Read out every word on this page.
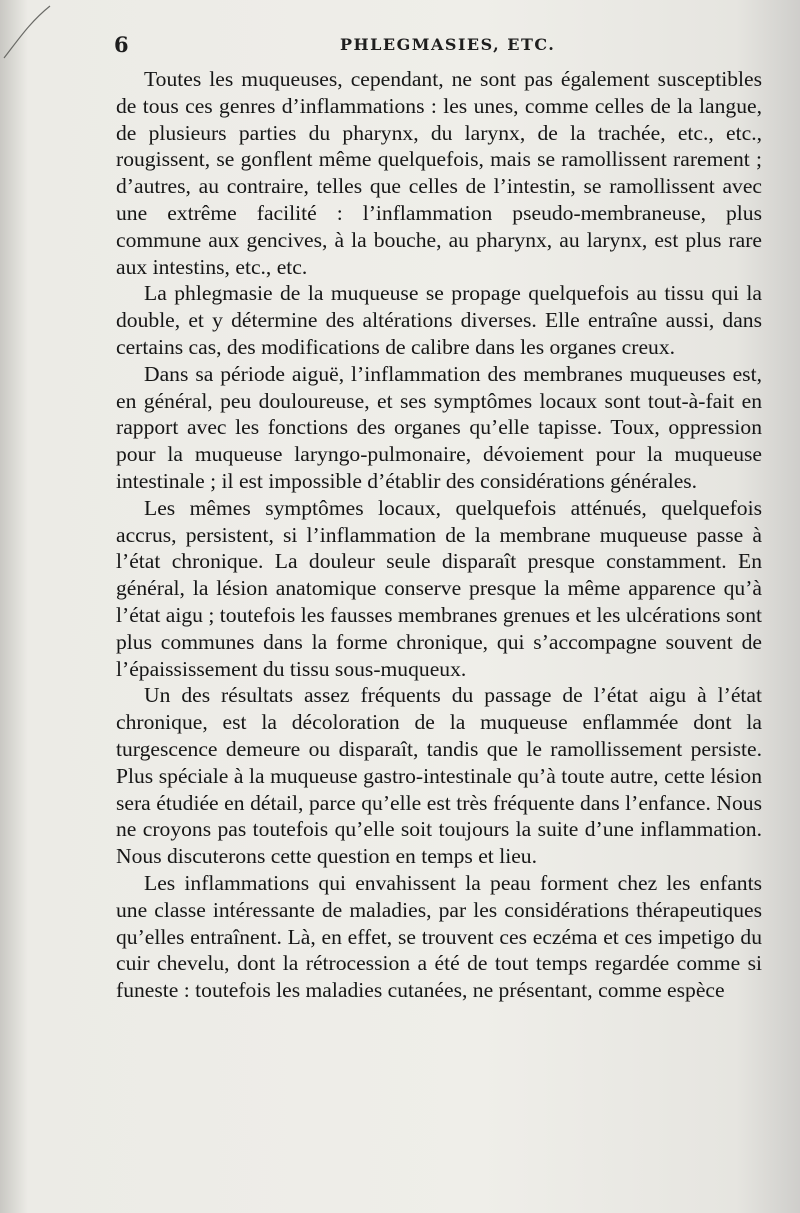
6	PHLEGMASIES, ETC.

Toutes les muqueuses, cependant, ne sont pas également susceptibles de tous ces genres d’inflammations : les unes, comme celles de la langue, de plusieurs parties du pharynx, du larynx, de la trachée, etc., etc., rougissent, se gonflent même quelquefois, mais se ramollissent rarement ; d’autres, au contraire, telles que celles de l’intestin, se ramollissent avec une extrême facilité : l’inflammation pseudo-membraneuse, plus commune aux gencives, à la bouche, au pharynx, au larynx, est plus rare aux intestins, etc., etc.

La phlegmasie de la muqueuse se propage quelquefois au tissu qui la double, et y détermine des altérations diverses. Elle entraîne aussi, dans certains cas, des modifications de calibre dans les organes creux.

Dans sa période aiguë, l’inflammation des membranes muqueuses est, en général, peu douloureuse, et ses symptômes locaux sont tout-à-fait en rapport avec les fonctions des organes qu’elle tapisse. Toux, oppression pour la muqueuse laryngo-pulmonaire, dévoiement pour la muqueuse intestinale ; il est impossible d’établir des considérations générales.

Les mêmes symptômes locaux, quelquefois atténués, quelquefois accrus, persistent, si l’inflammation de la membrane muqueuse passe à l’état chronique. La douleur seule disparaît presque constamment. En général, la lésion anatomique conserve presque la même apparence qu’à l’état aigu ; toutefois les fausses membranes grenues et les ulcérations sont plus communes dans la forme chronique, qui s’accompagne souvent de l’épaississement du tissu sous-muqueux.

Un des résultats assez fréquents du passage de l’état aigu à l’état chronique, est la décoloration de la muqueuse enflammée dont la turgescence demeure ou disparaît, tandis que le ramollissement persiste. Plus spéciale à la muqueuse gastro-intestinale qu’à toute autre, cette lésion sera étudiée en détail, parce qu’elle est très fréquente dans l’enfance. Nous ne croyons pas toutefois qu’elle soit toujours la suite d’une inflammation. Nous discuterons cette question en temps et lieu.

Les inflammations qui envahissent la peau forment chez les enfants une classe intéressante de maladies, par les considérations thérapeutiques qu’elles entraînent. Là, en effet, se trouvent ces eczéma et ces impetigo du cuir chevelu, dont la rétrocession a été de tout temps regardée comme si funeste : toutefois les maladies cutanées, ne présentant, comme espèce
